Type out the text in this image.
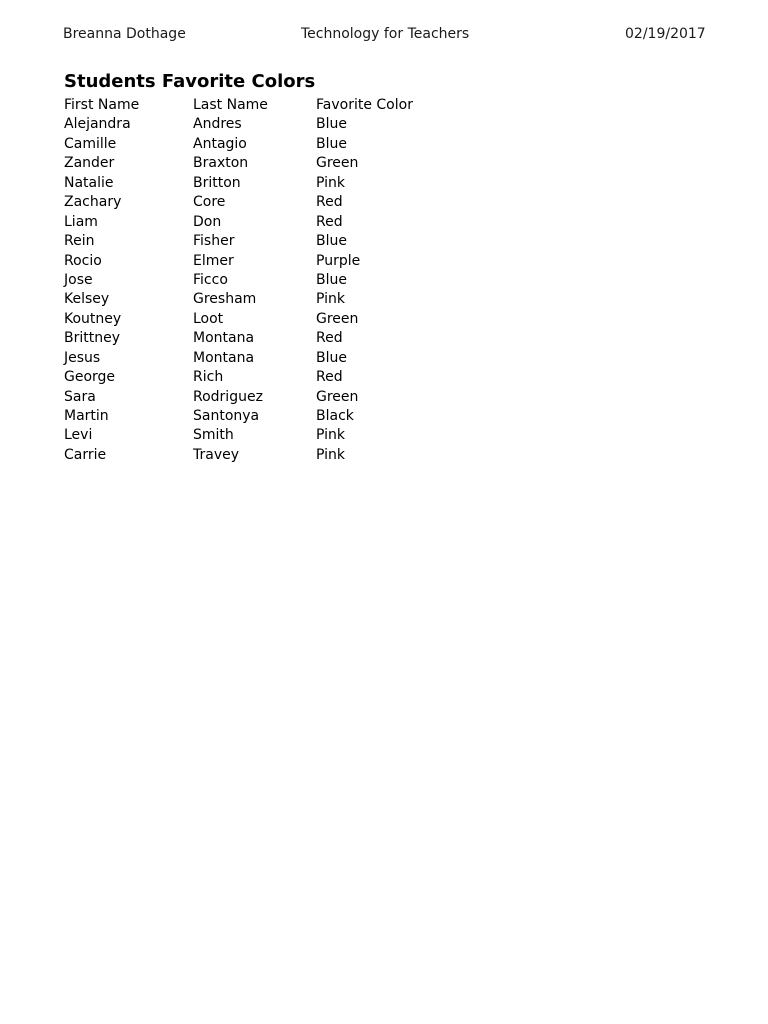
Breanna Dothage	Technology for Teachers	02/19/2017
Students Favorite Colors
First Name	Last Name	Favorite Color
Alejandra	Andres	Blue
Camille	Antagio	Blue
Zander	Braxton	Green
Natalie	Britton	Pink
Zachary	Core	Red
Liam	Don	Red
Rein	Fisher	Blue
Rocio	Elmer	Purple
Jose	Ficco	Blue
Kelsey	Gresham	Pink
Koutney	Loot	Green
Brittney	Montana	Red
Jesus	Montana	Blue
George	Rich	Red
Sara	Rodriguez	Green
Martin	Santonya	Black
Levi	Smith	Pink
Carrie	Travey	Pink
